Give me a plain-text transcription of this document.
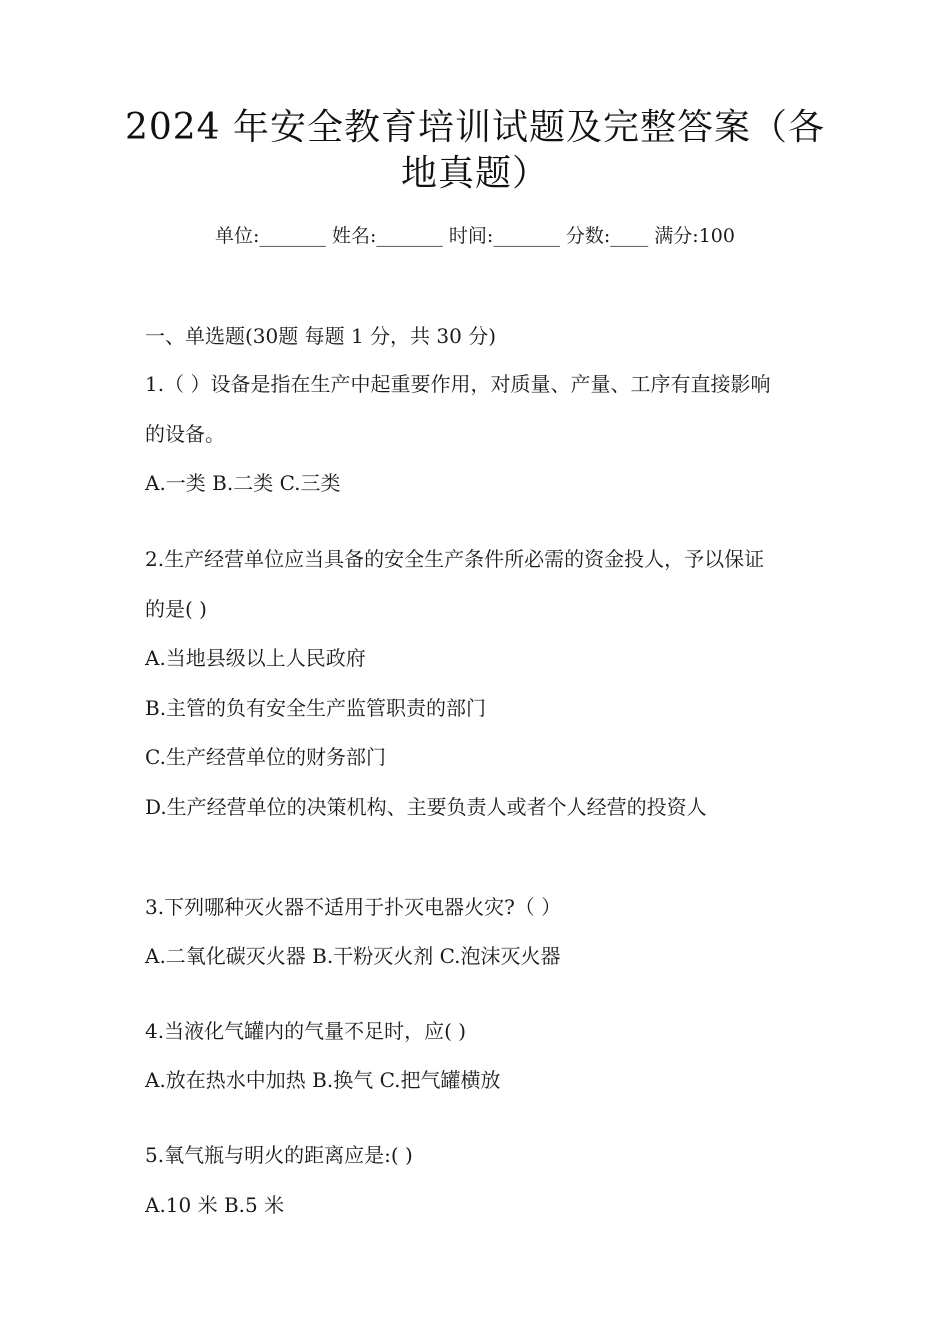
2024 年安全教育培训试题及完整答案（各
地真题）
单位:_______ 姓名:_______ 时间:_______ 分数:____ 满分:100
一、单选题(30题 每题 1 分，共 30 分)
1.（ ）设备是指在生产中起重要作用，对质量、产量、工序有直接影响
的设备。
A.一类 B.二类 C.三类
2.生产经营单位应当具备的安全生产条件所必需的资金投人，予以保证
的是( )
A.当地县级以上人民政府
B.主管的负有安全生产监管职责的部门
C.生产经营单位的财务部门
D.生产经营单位的决策机构、主要负责人或者个人经营的投资人
3.下列哪种灭火器不适用于扑灭电器火灾?（ ）
A.二氧化碳灭火器 B.干粉灭火剂 C.泡沫灭火器
4.当液化气罐内的气量不足时，应( )
A.放在热水中加热 B.换气 C.把气罐横放
5.氧气瓶与明火的距离应是:( )
A.10 米 B.5 米
